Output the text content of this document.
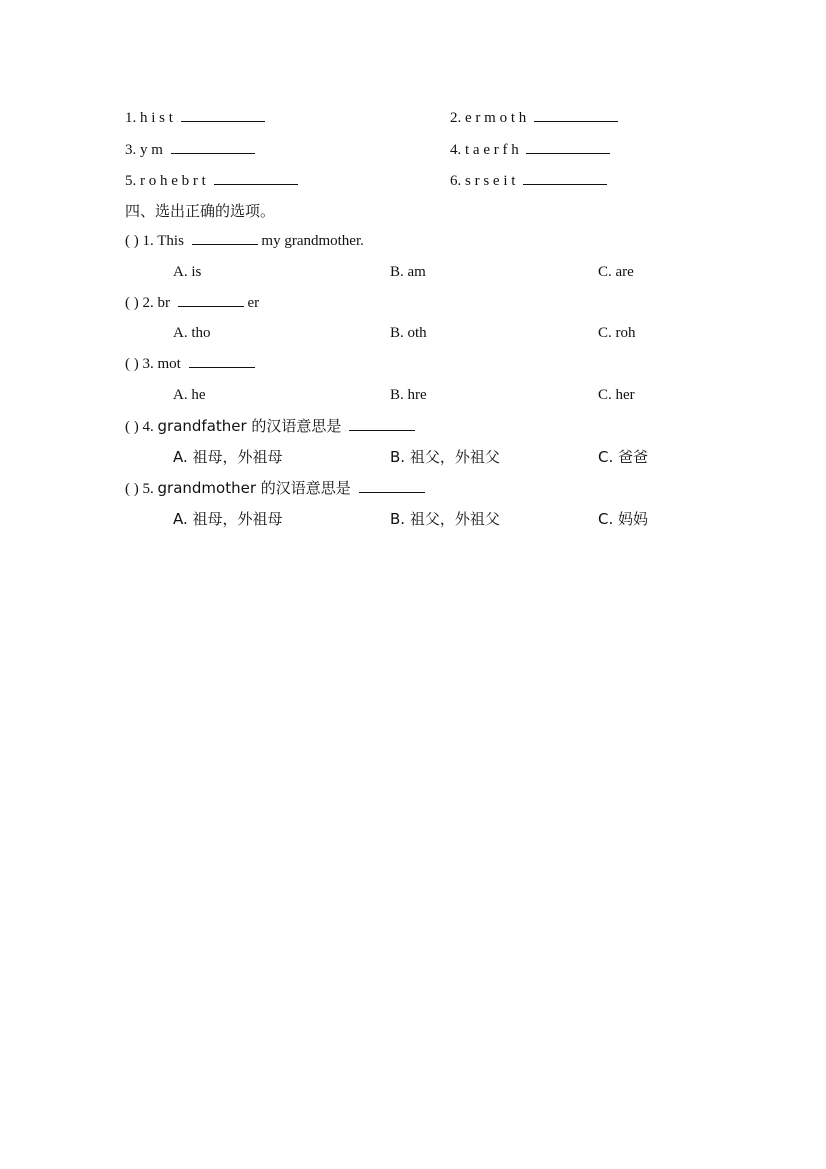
1. h i s t	2. e r m o t h
3. y m	4. t a e r f h
5. r o h e b r t	6. s r s e i t
四、选出正确的选项。
( ) 1. This	my grandmother.
A. is	B. am	C. are
( ) 2. br	er
A. tho	B. oth	C. roh
( ) 3. mot
A. he	B. hre	C. her
( ) 4. grandfather 的汉语意思是
A. 祖母，外祖母	B. 祖父，外祖父	C. 爸爸
( ) 5. grandmother 的汉语意思是
A. 祖母，外祖母	B. 祖父，外祖父	C. 妈妈
